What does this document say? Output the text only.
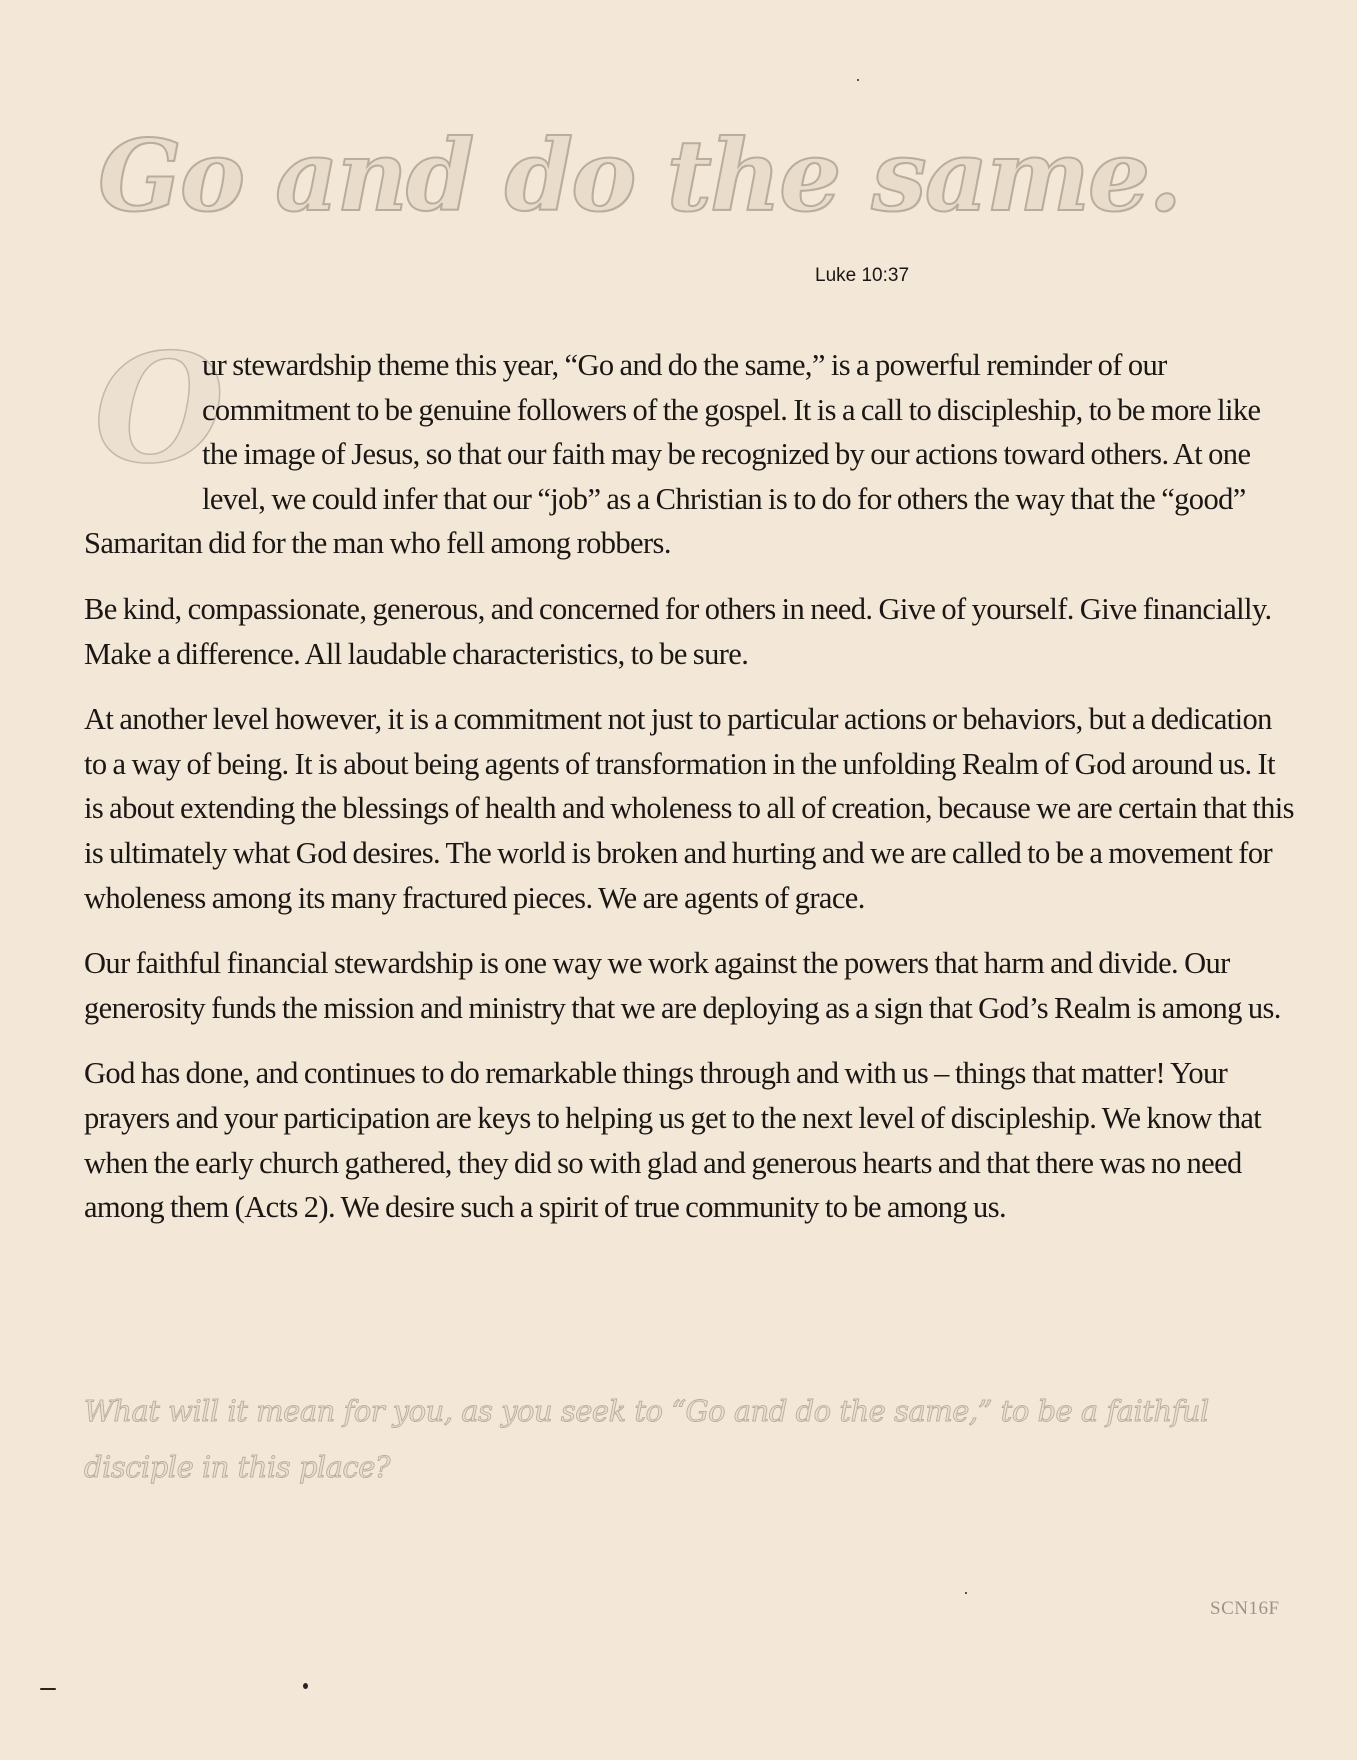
Go and do the same.
Luke 10:37

O
ur stewardship theme this year, “Go and do the same,” is a powerful reminder of our commitment to be genuine followers of the gospel. It is a call to discipleship, to be more like the image of Jesus, so that our faith may be recognized by our actions toward others. At one level, we could infer that our “job” as a Christian is to do for others the way that the “good” Samaritan did for the man who fell among robbers.

Be kind, compassionate, generous, and concerned for others in need. Give of yourself. Give financially. Make a difference. All laudable characteristics, to be sure.

At another level however, it is a commitment not just to particular actions or behaviors, but a dedication to a way of being. It is about being agents of transformation in the unfolding Realm of God around us. It is about extending the blessings of health and wholeness to all of creation, because we are certain that this is ultimately what God desires. The world is broken and hurting and we are called to be a movement for wholeness among its many fractured pieces. We are agents of grace.

Our faithful financial stewardship is one way we work against the powers that harm and divide. Our generosity funds the mission and ministry that we are deploying as a sign that God’s Realm is among us.

God has done, and continues to do remarkable things through and with us – things that matter! Your prayers and your participation are keys to helping us get to the next level of discipleship. We know that when the early church gathered, they did so with glad and generous hearts and that there was no need among them (Acts 2). We desire such a spirit of true community to be among us.

What will it mean for you, as you seek to “Go and do the same,” to be a faithful disciple in this place?
SCN16F
